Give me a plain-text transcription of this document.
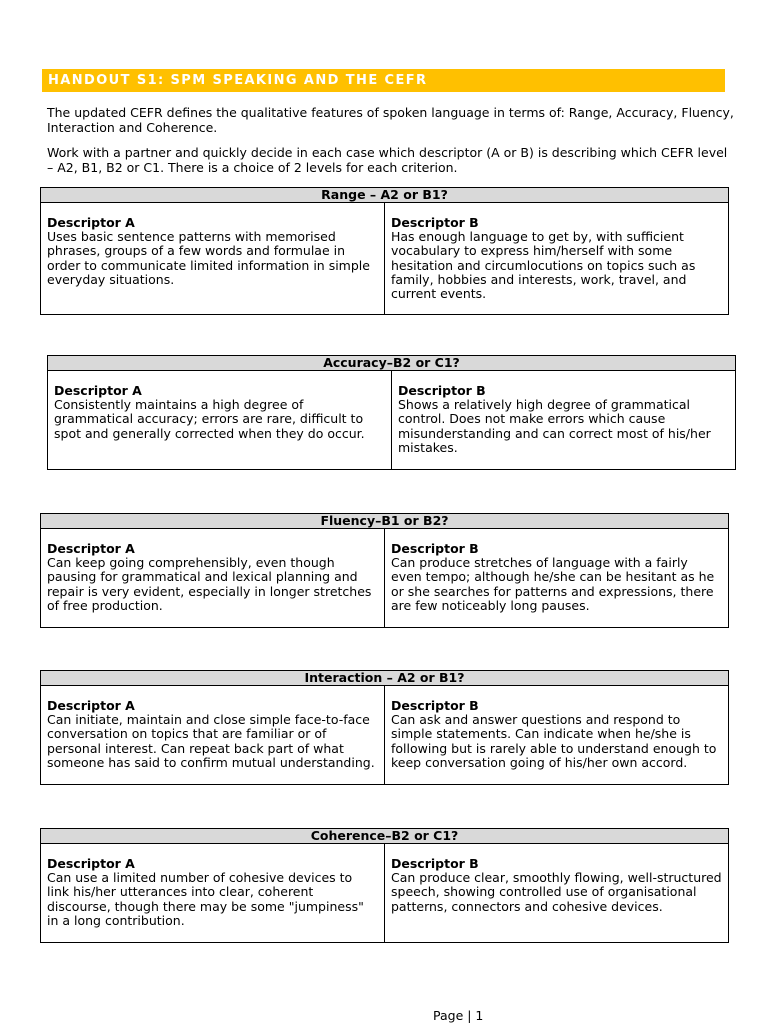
HANDOUT S1: SPM SPEAKING AND THE CEFR

The updated CEFR defines the qualitative features of spoken language in terms of: Range, Accuracy, Fluency, Interaction and Coherence.

Work with a partner and quickly decide in each case which descriptor (A or B) is describing which CEFR level – A2, B1, B2 or C1. There is a choice of 2 levels for each criterion.

Range – A2 or B1?

Descriptor A
Uses basic sentence patterns with memorised phrases, groups of a few words and formulae in order to communicate limited information in simple everyday situations.

Descriptor B
Has enough language to get by, with sufficient vocabulary to express him/herself with some hesitation and circumlocutions on topics such as family, hobbies and interests, work, travel, and current events.
Accuracy–B2 or C1?

Descriptor A
Consistently maintains a high degree of grammatical accuracy; errors are rare, difficult to spot and generally corrected when they do occur.

Descriptor B
Shows a relatively high degree of grammatical control. Does not make errors which cause misunderstanding and can correct most of his/her mistakes.
Fluency–B1 or B2?

Descriptor A
Can keep going comprehensibly, even though pausing for grammatical and lexical planning and repair is very evident, especially in longer stretches of free production.

Descriptor B
Can produce stretches of language with a fairly even tempo; although he/she can be hesitant as he or she searches for patterns and expressions, there are few noticeably long pauses.
Interaction – A2 or B1?

Descriptor A
Can initiate, maintain and close simple face-to-face conversation on topics that are familiar or of personal interest. Can repeat back part of what someone has said to confirm mutual understanding.

Descriptor B
Can ask and answer questions and respond to simple statements. Can indicate when he/she is following but is rarely able to understand enough to keep conversation going of his/her own accord.
Coherence–B2 or C1?

Descriptor A
Can use a limited number of cohesive devices to link his/her utterances into clear, coherent discourse, though there may be some "jumpiness" in a long contribution.

Descriptor B
Can produce clear, smoothly flowing, well-structured speech, showing controlled use of organisational patterns, connectors and cohesive devices.
Page | 1
